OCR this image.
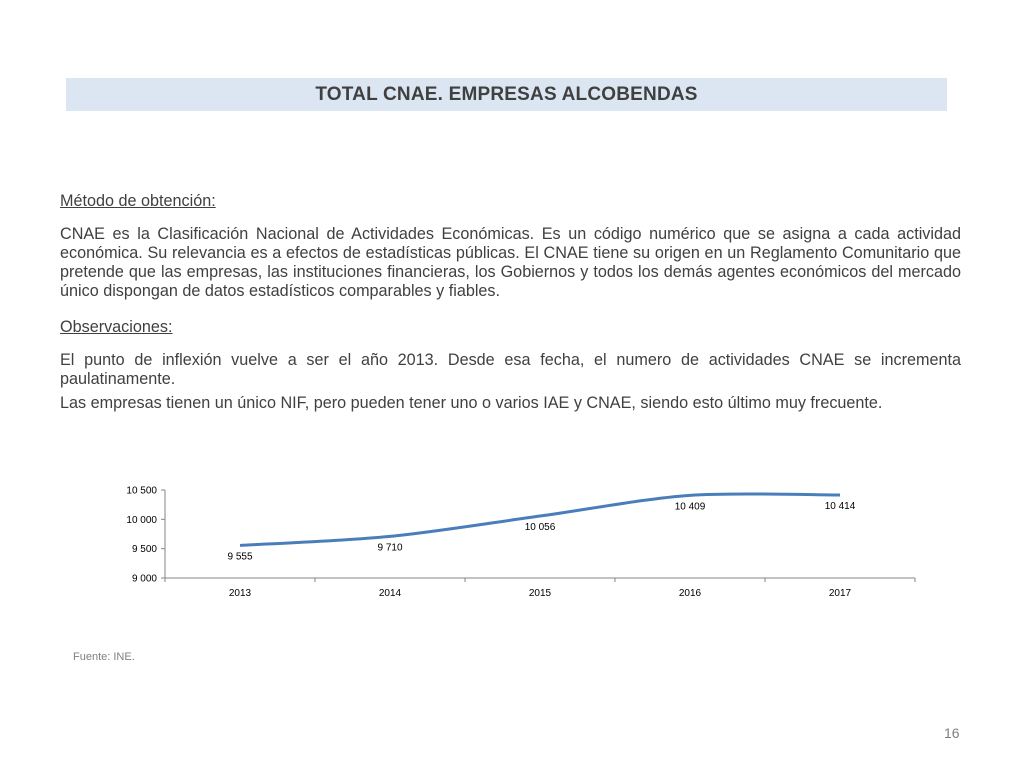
TOTAL CNAE. EMPRESAS ALCOBENDAS
Método de obtención:
CNAE es la Clasificación Nacional de Actividades Económicas. Es un código numérico que se asigna a cada actividad económica. Su relevancia es a efectos de estadísticas públicas. El CNAE tiene su origen en un Reglamento Comunitario que pretende que las empresas, las instituciones financieras, los Gobiernos y todos los demás agentes económicos del mercado único dispongan de datos estadísticos comparables y fiables.
Observaciones:
El punto de inflexión vuelve a ser el año 2013. Desde esa fecha, el numero de actividades CNAE se incrementa paulatinamente.
Las empresas tienen un único NIF, pero pueden tener uno o varios IAE y CNAE, siendo esto último muy frecuente.
9 000
9 500
10 000
10 500
2013	2014	2015	2016	2017
9 555
9 710
10 056
10 409	10 414
Fuente: INE.
16
